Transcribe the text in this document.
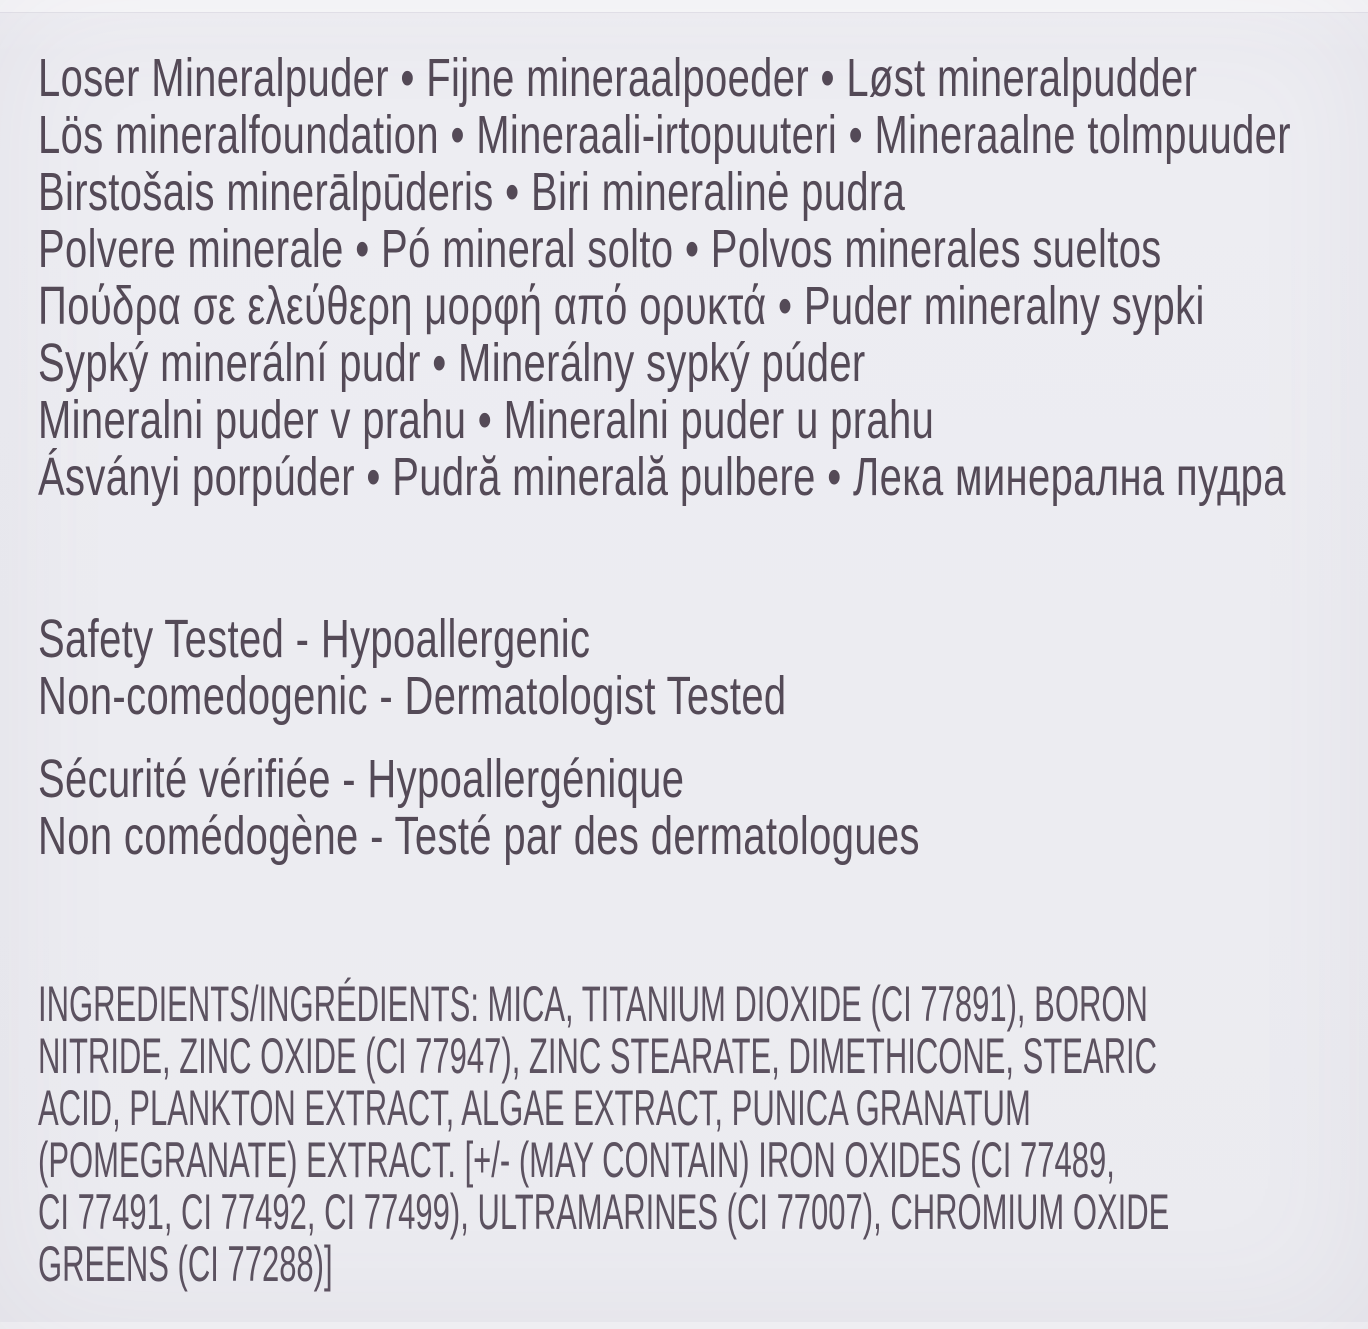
Loser Mineralpuder • Fijne mineraalpoeder • Løst mineralpudder
Lös mineralfoundation • Mineraali-irtopuuteri • Mineraalne tolmpuuder
Birstošais minerālpūderis • Biri mineralinė pudra
Polvere minerale • Pó mineral solto • Polvos minerales sueltos
Πούδρα σε ελεύθερη μορφή από ορυκτά • Puder mineralny sypki
Sypký minerální pudr • Minerálny sypký púder
Mineralni puder v prahu • Mineralni puder u prahu
Ásványi porpúder • Pudră minerală pulbere • Лека минерална пудра
Safety Tested - Hypoallergenic
Non-comedogenic - Dermatologist Tested
Sécurité vérifiée - Hypoallergénique
Non comédogène - Testé par des dermatologues
INGREDIENTS/INGRÉDIENTS: MICA, TITANIUM DIOXIDE (CI 77891), BORON
NITRIDE, ZINC OXIDE (CI 77947), ZINC STEARATE, DIMETHICONE, STEARIC
ACID, PLANKTON EXTRACT, ALGAE EXTRACT, PUNICA GRANATUM
(POMEGRANATE) EXTRACT. [+/- (MAY CONTAIN) IRON OXIDES (CI 77489,
CI 77491, CI 77492, CI 77499), ULTRAMARINES (CI 77007), CHROMIUM OXIDE
GREENS (CI 77288)]
